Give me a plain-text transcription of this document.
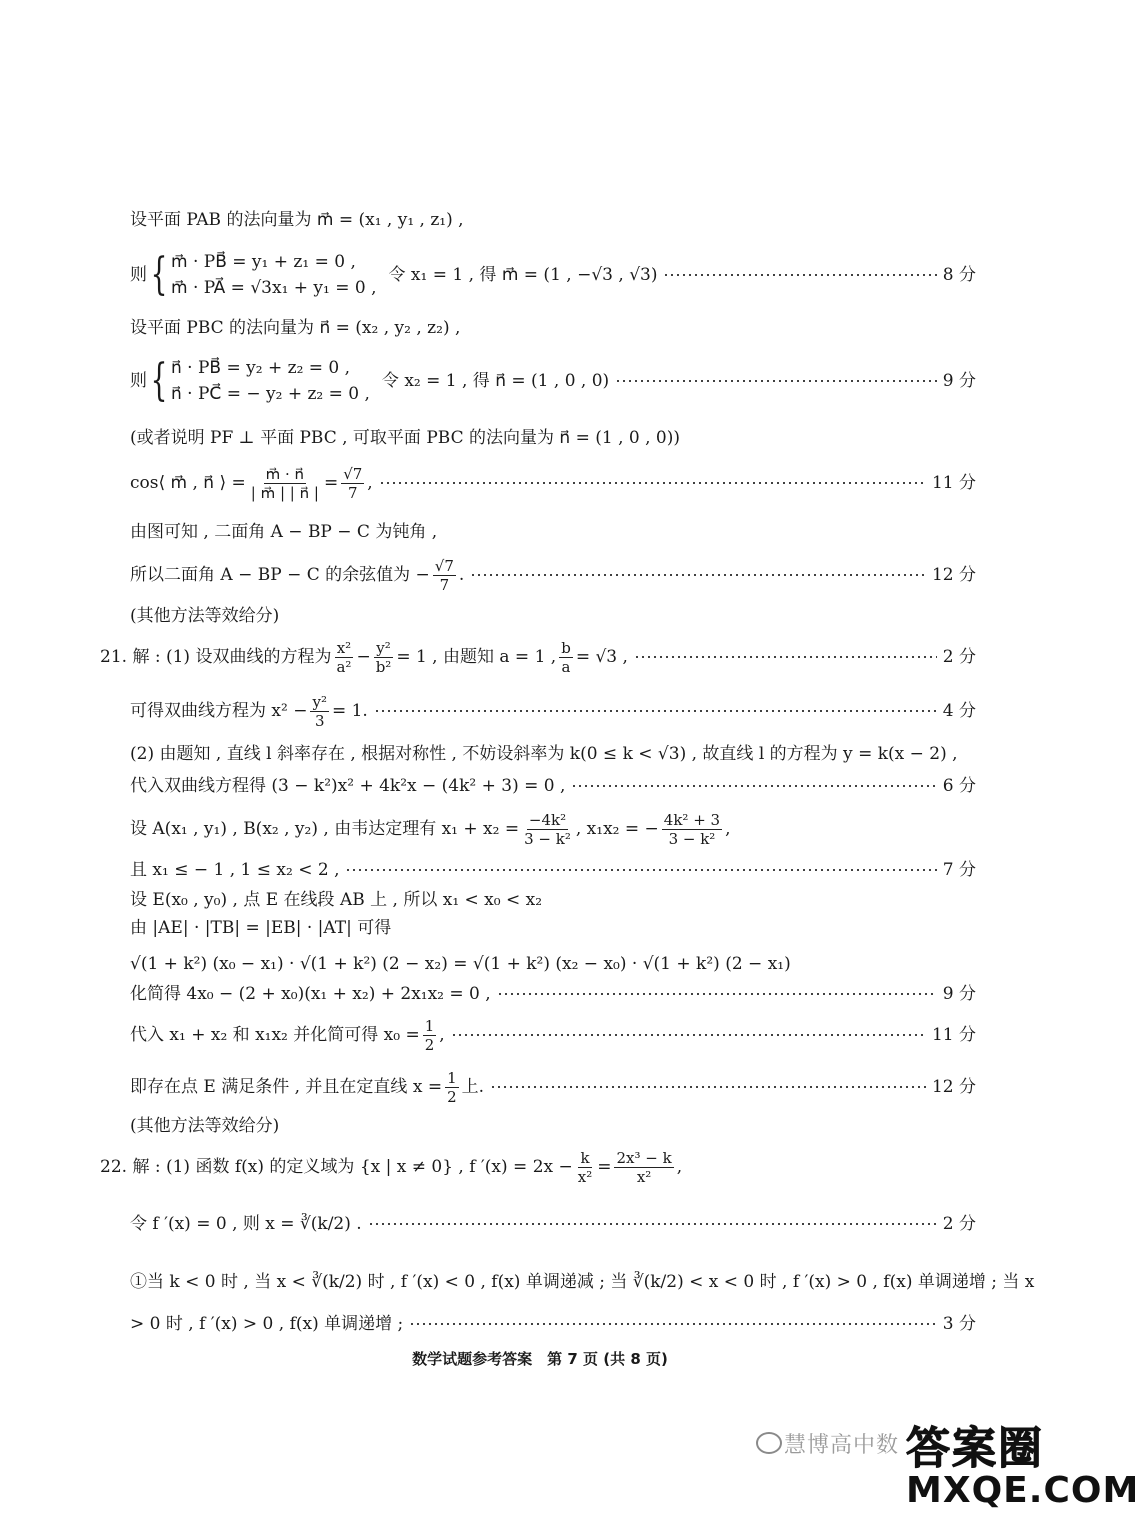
设平面 PAB 的法向量为 m⃗ = (x₁ , y₁ , z₁) ,
则 { m⃗ · PB⃗ = y₁ + z₁ = 0 ,
m⃗ · PA⃗ = √3x₁ + y₁ = 0 ,
令 x₁ = 1 , 得 m⃗ = (1 , −√3 , √3)	8 分
设平面 PBC 的法向量为 n⃗ = (x₂ , y₂ , z₂) ,
则 { n⃗ · PB⃗ = y₂ + z₂ = 0 ,
n⃗ · PC⃗ = − y₂ + z₂ = 0 ,
令 x₂ = 1 , 得 n⃗ = (1 , 0 , 0)	9 分
(或者说明 PF ⊥ 平面 PBC , 可取平面 PBC 的法向量为 n⃗ = (1 , 0 , 0))
cos⟨ m⃗ , n⃗ ⟩ = $\frac{m⃗ \cdot n⃗}{| m⃗ | | n⃗ |} = \frac{√7}{7}$ ,	11 分
由图可知 , 二面角 A − BP − C 为钝角 ,
所以二面角 A − BP − C 的余弦值为 − $\frac{√7}{7}$ .	12 分
(其他方法等效给分)
21. 解 : (1) 设双曲线的方程为 $\frac{\text{x²}}{\text{a²}} - \frac{\text{y²}}{\text{b²}} = 1$ , 由题知 a = 1 , $\frac{b}{a} = √3$ ,	2 分
可得双曲线方程为 $x^2 - \frac{\text{y²}}{3} = 1$.	4 分
(2) 由题知 , 直线 l 斜率存在 , 根据对称性 , 不妨设斜率为 k(0 ≤ k < √3) , 故直线 l 的方程为 y = k(x − 2) ,
代入双曲线方程得 (3 − k²)x² + 4k²x − (4k² + 3) = 0 ,	6 分
设 A(x₁ , y₁) , B(x₂ , y₂) , 由韦达定理有 $x_1 + x_2 = \frac{\text{−4k²}}{\text{3 − k²}}$ , x₁x₂ = − $\frac{\text{4k² + 3}}{\text{3 − k²}}$ ,
且 x₁ ≤ − 1 , 1 ≤ x₂ < 2 ,	7 分
设 E(x₀ , y₀) , 点 E 在线段 AB 上 , 所以 x₁ < x₀ < x₂
由 |AE| · |TB| = |EB| · |AT| 可得
√(1 + k²) (x₀ − x₁) · √(1 + k²) (2 − x₂) = √(1 + k²) (x₂ − x₀) · √(1 + k²) (2 − x₁)
化简得 4x₀ − (2 + x₀)(x₁ + x₂) + 2x₁x₂ = 0 ,	9 分
代入 x₁ + x₂ 和 x₁x₂ 并化简可得 $x_0 = \frac{1}{2}$ ,	11 分
即存在点 E 满足条件 , 并且在定直线 $x = \frac{1}{2}$ 上.	12 分
(其他方法等效给分)
22. 解 : (1) 函数 f(x) 的定义域为 {x | x ≠ 0} , f $'(x) = 2x - \frac{k}{\text{x²}} = \frac{\text{2x³ − k}}{\text{x²}}$ ,
令 f ′(x) = 0 , 则 x = ∛(k/2) .	2 分
①当 k < 0 时 , 当 x < ∛(k/2) 时 , f ′(x) < 0 , f(x) 单调递减 ; 当 ∛(k/2) < x < 0 时 , f ′(x) > 0 , f(x) 单调递增 ; 当 x
> 0 时 , f ′(x) > 0 , f(x) 单调递增 ;	3 分
数学试题参考答案　第 7 页 (共 8 页)
慧博高中数 答案圈
MXQE.COM
